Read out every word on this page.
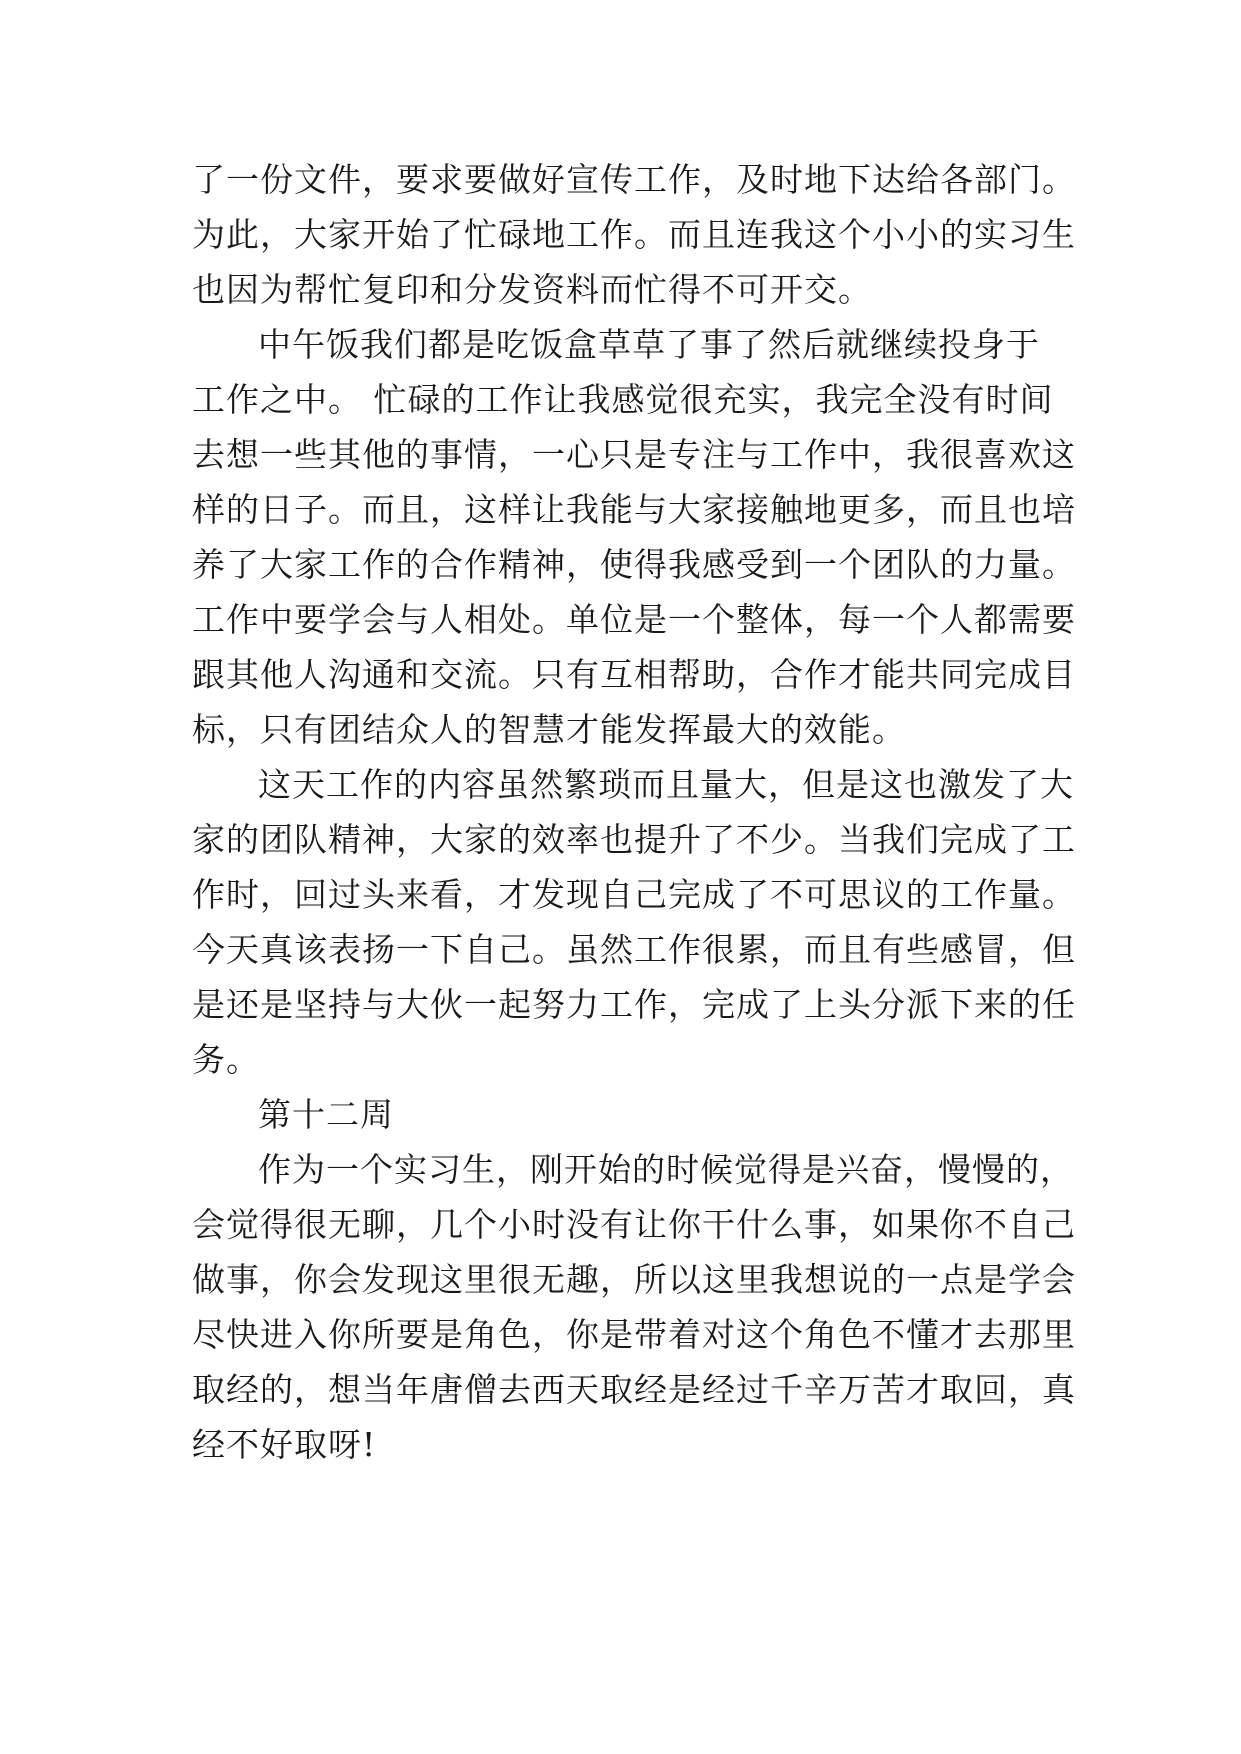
了一份文件，要求要做好宣传工作，及时地下达给各部门。
为此，大家开始了忙碌地工作。而且连我这个小小的实习生
也因为帮忙复印和分发资料而忙得不可开交。
中午饭我们都是吃饭盒草草了事了然后就继续投身于
工作之中。 忙碌的工作让我感觉很充实，我完全没有时间
去想一些其他的事情，一心只是专注与工作中，我很喜欢这
样的日子。而且，这样让我能与大家接触地更多，而且也培
养了大家工作的合作精神，使得我感受到一个团队的力量。
工作中要学会与人相处。单位是一个整体，每一个人都需要
跟其他人沟通和交流。只有互相帮助，合作才能共同完成目
标，只有团结众人的智慧才能发挥最大的效能。
这天工作的内容虽然繁琐而且量大，但是这也激发了大
家的团队精神，大家的效率也提升了不少。当我们完成了工
作时，回过头来看，才发现自己完成了不可思议的工作量。
今天真该表扬一下自己。虽然工作很累，而且有些感冒，但
是还是坚持与大伙一起努力工作，完成了上头分派下来的任
务。
第十二周
作为一个实习生，刚开始的时候觉得是兴奋，慢慢的，
会觉得很无聊，几个小时没有让你干什么事，如果你不自己
做事，你会发现这里很无趣，所以这里我想说的一点是学会
尽快进入你所要是角色，你是带着对这个角色不懂才去那里
取经的，想当年唐僧去西天取经是经过千辛万苦才取回，真
经不好取呀!
